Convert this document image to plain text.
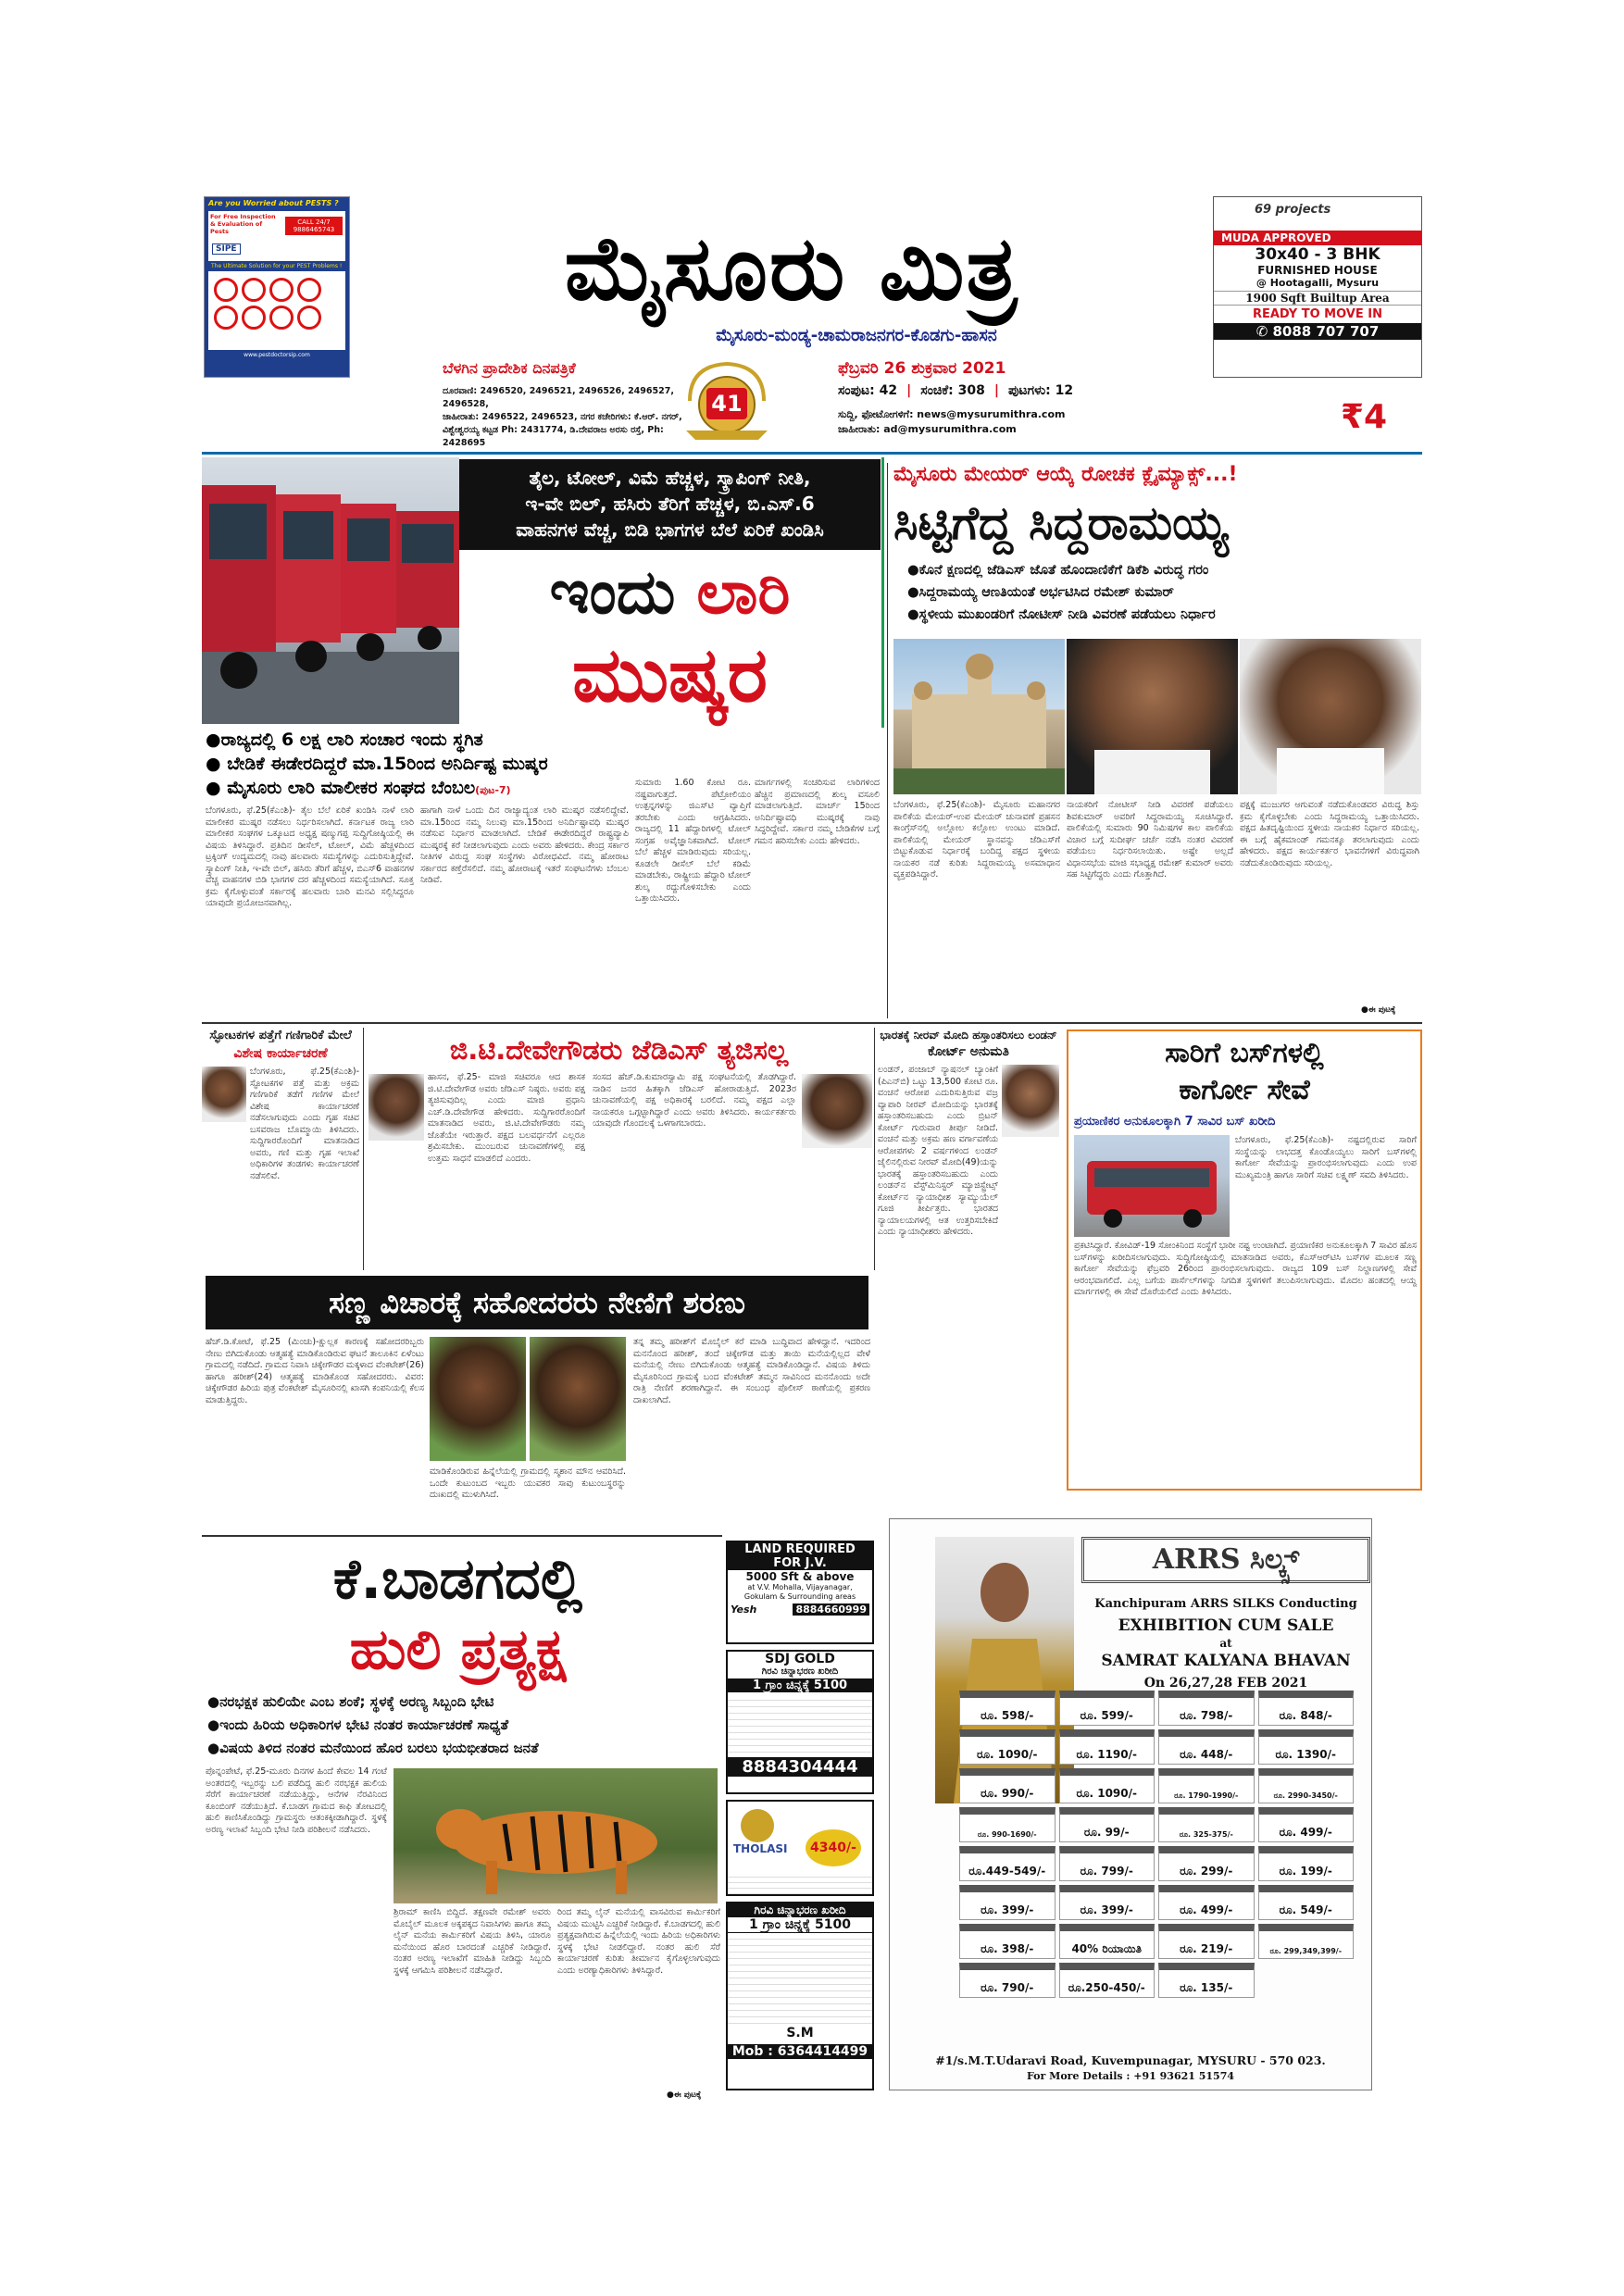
Are you Worried about PESTS ?
For Free Inspection & Evaluation of Pests
SIPE
CALL 24/7
9886465743
The Ultimate Solution for your PEST Problems !
www.pestdoctorsip.com
ಮೈಸೂರು ಮಿತ್ರ
ಮೈಸೂರು-ಮಂಡ್ಯ-ಚಾಮರಾಜನಗರ-ಕೊಡಗು-ಹಾಸನ
ಬೆಳಗಿನ ಪ್ರಾದೇಶಿಕ ದಿನಪತ್ರಿಕೆ	ಫೆಬ್ರವರಿ 26 ಶುಕ್ರವಾರ 2021
41	ಸಂಪುಟ: 42 | ಸಂಚಿಕೆ: 308 | ಪುಟಗಳು: 12
ದೂರವಾಣಿ: 2496520, 2496521, 2496526, 2496527, 2496528,
ಜಾಹೀರಾತು: 2496522, 2496523, ನಗರ ಕಚೇರಿಗಳು: ಕೆ.ಆರ್. ನಗರ್,
ವಿಶ್ವೇಶ್ವರಯ್ಯ ಕಟ್ಟಡ Ph: 2431774, ಡಿ.ದೇವರಾಜ ಅರಸು ರಸ್ತೆ, Ph: 2428695
ಸುದ್ದಿ, ಫೋಟೋಗಳಿಗೆ: news@mysurumithra.com
ಜಾಹೀರಾತು: ad@mysurumithra.com	₹4
69 projects
MUDA APPROVED
30x40 - 3 BHK
FURNISHED HOUSE
@ Hootagalli, Mysuru
1900 Sqft Builtup Area
READY TO MOVE IN
✆ 8088 707 707
ತೈಲ, ಟೋಲ್, ವಿಮೆ ಹೆಚ್ಚಳ, ಸ್ಕ್ರಾಪಿಂಗ್ ನೀತಿ,
ಇ-ವೇ ಬಿಲ್, ಹಸಿರು ತೆರಿಗೆ ಹೆಚ್ಚಳ, ಬಿ.ಎಸ್.6
ವಾಹನಗಳ ವೆಚ್ಚ, ಬಿಡಿ ಭಾಗಗಳ ಬೆಲೆ ಏರಿಕೆ ಖಂಡಿಸಿ
ಇಂದು ಲಾರಿ
ಮುಷ್ಕರ
●ರಾಜ್ಯದಲ್ಲಿ 6 ಲಕ್ಷ ಲಾರಿ ಸಂಚಾರ ಇಂದು ಸ್ಥಗಿತ
● ಬೇಡಿಕೆ ಈಡೇರದಿದ್ದರೆ ಮಾ.15ರಿಂದ ಅನಿರ್ದಿಷ್ಟ ಮುಷ್ಕರ
● ಮೈಸೂರು ಲಾರಿ ಮಾಲೀಕರ ಸಂಘದ ಬೆಂಬಲ(ಪುಟ-7)
ಬೆಂಗಳೂರು, ಫೆ.25(ಕೆಎಂಶಿ)- ತೈಲ ಬೆಲೆ ಏರಿಕೆ ಖಂಡಿಸಿ ನಾಳೆ ಲಾರಿ ಮಾಲೀಕರ ಮುಷ್ಕರ ನಡೆಸಲು ನಿರ್ಧರಿಸಲಾಗಿದೆ. ಕರ್ನಾಟಕ ರಾಜ್ಯ ಲಾರಿ ಮಾಲೀಕರ ಸಂಘಗಳ ಒಕ್ಕೂಟದ ಅಧ್ಯಕ್ಷ ಷಣ್ಮುಗಪ್ಪ ಸುದ್ದಿಗೋಷ್ಠಿಯಲ್ಲಿ ಈ ವಿಷಯ ತಿಳಿಸಿದ್ದಾರೆ. ಪ್ರತಿದಿನ ಡೀಸೆಲ್, ಟೋಲ್, ವಿಮೆ ಹೆಚ್ಚಳದಿಂದ ಟ್ರಕ್ಕಿಂಗ್ ಉದ್ಯಮದಲ್ಲಿ ನಾವು ಹಲವಾರು ಸಮಸ್ಯೆಗಳನ್ನು ಎದುರಿಸುತ್ತಿದ್ದೇವೆ. ಸ್ಕ್ರಾಪಿಂಗ್ ನೀತಿ, ಇ-ವೇ ಬಿಲ್, ಹಸಿರು ತೆರಿಗೆ ಹೆಚ್ಚಳ, ಬಿಎಸ್6 ವಾಹನಗಳ ವೆಚ್ಚ ವಾಹನಗಳ ಬಿಡಿ ಭಾಗಗಳ ದರ ಹೆಚ್ಚಳದಿಂದ ಸಮಸ್ಯೆಯಾಗಿದೆ. ಸೂಕ್ತ ಕ್ರಮ ಕೈಗೊಳ್ಳುವಂತೆ ಸರ್ಕಾರಕ್ಕೆ ಹಲವಾರು ಬಾರಿ ಮನವಿ ಸಲ್ಲಿಸಿದ್ದರೂ ಯಾವುದೇ ಪ್ರಯೋಜನವಾಗಿಲ್ಲ.
ಹಾಗಾಗಿ ನಾಳೆ ಒಂದು ದಿನ ರಾಜ್ಯಾದ್ಯಂತ ಲಾರಿ ಮುಷ್ಕರ ನಡೆಸಲಿದ್ದೇವೆ. ಮಾ.15ರಿಂದ ನಮ್ಮ ನಿಲುವು ಮಾ.15ರಿಂದ ಅನಿರ್ದಿಷ್ಟಾವಧಿ ಮುಷ್ಕರ ನಡೆಸುವ ನಿರ್ಧಾರ ಮಾಡಲಾಗಿದೆ. ಬೇಡಿಕೆ ಈಡೇರದಿದ್ದರೆ ರಾಷ್ಟ್ರವ್ಯಾಪಿ ಮುಷ್ಕರಕ್ಕೆ ಕರೆ ನೀಡಲಾಗುವುದು ಎಂದು ಅವರು ಹೇಳಿದರು. ಕೇಂದ್ರ ಸರ್ಕಾರ ನೀತಿಗಳ ವಿರುದ್ಧ ಸಂಘ ಸಂಸ್ಥೆಗಳು ವಿರೋಧವಿದೆ. ನಮ್ಮ ಹೋರಾಟ ಸರ್ಕಾರದ ಕಣ್ತೆರೆಸಲಿದೆ. ನಮ್ಮ ಹೋರಾಟಕ್ಕೆ ಇತರೆ ಸಂಘಟನೆಗಳು ಬೆಂಬಲ ನೀಡಿವೆ.
ಸುಮಾರು 1.60 ಕೋಟಿ ರೂ. ನಷ್ಟವಾಗುತ್ತದೆ. ಪೆಟ್ರೋಲಿಯಂ ಉತ್ಪನ್ನಗಳನ್ನು ಜಿಎಸ್‌ಟಿ ವ್ಯಾಪ್ತಿಗೆ ತರಬೇಕು ಎಂದು ಆಗ್ರಹಿಸಿದರು. ರಾಜ್ಯದಲ್ಲಿ 11 ಹೆದ್ದಾರಿಗಳಲ್ಲಿ ಟೋಲ್ ಸಂಗ್ರಹ ಅವೈಜ್ಞಾನಿಕವಾಗಿದೆ. ಟೋಲ್ ಬೆಲೆ ಹೆಚ್ಚಳ ಮಾಡಿರುವುದು ಸರಿಯಲ್ಲ. ಕೂಡಲೇ ಡೀಸೆಲ್ ಬೆಲೆ ಕಡಿಮೆ ಮಾಡಬೇಕು, ರಾಷ್ಟ್ರೀಯ ಹೆದ್ದಾರಿ ಟೋಲ್ ಶುಲ್ಕ ರದ್ದುಗೊಳಿಸಬೇಕು ಎಂದು ಒತ್ತಾಯಿಸಿದರು.
ಮಾರ್ಗಗಳಲ್ಲಿ ಸಂಚರಿಸುವ ಲಾರಿಗಳಿಂದ ಹೆಚ್ಚಿನ ಪ್ರಮಾಣದಲ್ಲಿ ಶುಲ್ಕ ವಸೂಲಿ ಮಾಡಲಾಗುತ್ತಿದೆ. ಮಾರ್ಚ್ 15ರಿಂದ ಅನಿರ್ದಿಷ್ಟಾವಧಿ ಮುಷ್ಕರಕ್ಕೆ ನಾವು ಸಿದ್ಧರಿದ್ದೇವೆ. ಸರ್ಕಾರ ನಮ್ಮ ಬೇಡಿಕೆಗಳ ಬಗ್ಗೆ ಗಮನ ಹರಿಸಬೇಕು ಎಂದು ಹೇಳಿದರು.
ಮೈಸೂರು ಮೇಯರ್ ಆಯ್ಕೆ ರೋಚಕ ಕ್ಲೈಮ್ಯಾಕ್ಸ್...!
ಸಿಟ್ಟಿಗೆದ್ದ ಸಿದ್ದರಾಮಯ್ಯ
●ಕೊನೆ ಕ್ಷಣದಲ್ಲಿ ಜೆಡಿಎಸ್ ಜೊತೆ ಹೊಂದಾಣಿಕೆಗೆ ಡಿಕೆಶಿ ವಿರುದ್ಧ ಗರಂ
●ಸಿದ್ದರಾಮಯ್ಯ ಆಣತಿಯಂತೆ ಅರ್ಭಟಿಸಿದ ರಮೇಶ್ ಕುಮಾರ್
●ಸ್ಥಳೀಯ ಮುಖಂಡರಿಗೆ ನೋಟೀಸ್ ನೀಡಿ ವಿವರಣೆ ಪಡೆಯಲು ನಿರ್ಧಾರ
ಬೆಂಗಳೂರು, ಫೆ.25(ಕೆಎಂಶಿ)- ಮೈಸೂರು ಮಹಾನಗರ ಪಾಲಿಕೆಯ ಮೇಯರ್-ಉಪ ಮೇಯರ್ ಚುನಾವಣೆ ಪ್ರಹಸನ ಕಾಂಗ್ರೆಸ್‌ನಲ್ಲಿ ಅಲ್ಲೋಲ ಕಲ್ಲೋಲ ಉಂಟು ಮಾಡಿದೆ. ಪಾಲಿಕೆಯಲ್ಲಿ ಮೇಯರ್ ಸ್ಥಾನವನ್ನು ಜೆಡಿಎಸ್‌ಗೆ ಬಿಟ್ಟುಕೊಡುವ ನಿರ್ಧಾರಕ್ಕೆ ಬಂದಿದ್ದ ಪಕ್ಷದ ಸ್ಥಳೀಯ ನಾಯಕರ ನಡೆ ಕುರಿತು ಸಿದ್ದರಾಮಯ್ಯ ಅಸಮಾಧಾನ ವ್ಯಕ್ತಪಡಿಸಿದ್ದಾರೆ.
ನಾಯಕರಿಗೆ ನೋಟೀಸ್ ನೀಡಿ ವಿವರಣೆ ಪಡೆಯಲು ಶಿವಕುಮಾರ್ ಅವರಿಗೆ ಸಿದ್ದರಾಮಯ್ಯ ಸೂಚಿಸಿದ್ದಾರೆ. ಪಾಲಿಕೆಯಲ್ಲಿ ಸುಮಾರು 90 ನಿಮಿಷಗಳ ಕಾಲ ಪಾಲಿಕೆಯ ವಿಚಾರ ಬಗ್ಗೆ ಸುದೀರ್ಘ ಚರ್ಚೆ ನಡೆಸಿ ನಂತರ ವಿವರಣೆ ಪಡೆಯಲು ನಿರ್ಧರಿಸಲಾಯಿತು. ಅಷ್ಟೇ ಅಲ್ಲದೆ ವಿಧಾನಸಭೆಯ ಮಾಜಿ ಸಭಾಧ್ಯಕ್ಷ ರಮೇಶ್ ಕುಮಾರ್ ಅವರು ಸಹ ಸಿಟ್ಟಿಗೆದ್ದರು ಎಂದು ಗೊತ್ತಾಗಿದೆ.
ಪಕ್ಷಕ್ಕೆ ಮುಜುಗರ ಆಗುವಂತೆ ನಡೆದುಕೊಂಡವರ ವಿರುದ್ಧ ಶಿಸ್ತು ಕ್ರಮ ಕೈಗೊಳ್ಳಬೇಕು ಎಂದು ಸಿದ್ದರಾಮಯ್ಯ ಒತ್ತಾಯಿಸಿದರು. ಪಕ್ಷದ ಹಿತದೃಷ್ಟಿಯಿಂದ ಸ್ಥಳೀಯ ನಾಯಕರ ನಿರ್ಧಾರ ಸರಿಯಲ್ಲ. ಈ ಬಗ್ಗೆ ಹೈಕಮಾಂಡ್ ಗಮನಕ್ಕೂ ತರಲಾಗುವುದು ಎಂದು ಹೇಳಿದರು. ಪಕ್ಷದ ಕಾರ್ಯಕರ್ತರ ಭಾವನೆಗಳಿಗೆ ವಿರುದ್ಧವಾಗಿ ನಡೆದುಕೊಂಡಿರುವುದು ಸರಿಯಲ್ಲ.
●ಈ ಪುಟಕ್ಕೆ
ಸ್ಫೋಟಕಗಳ ಪತ್ತೆಗೆ ಗಣಿಗಾರಿಕೆ ಮೇಲೆ
ವಿಶೇಷ ಕಾರ್ಯಾಚರಣೆ
ಬೆಂಗಳೂರು, ಫೆ.25(ಕೆಎಂಶಿ)- ಸ್ಫೋಟಕಗಳ ಪತ್ತೆ ಮತ್ತು ಅಕ್ರಮ ಗಣಿಗಾರಿಕೆ ತಡೆಗೆ ಗಣಿಗಳ ಮೇಲೆ ವಿಶೇಷ ಕಾರ್ಯಾಚರಣೆ ನಡೆಸಲಾಗುವುದು ಎಂದು ಗೃಹ ಸಚಿವ ಬಸವರಾಜ ಬೊಮ್ಮಾಯಿ ತಿಳಿಸಿದರು. ಸುದ್ದಿಗಾರರೊಂದಿಗೆ ಮಾತನಾಡಿದ ಅವರು, ಗಣಿ ಮತ್ತು ಗೃಹ ಇಲಾಖೆ ಅಧಿಕಾರಿಗಳ ತಂಡಗಳು ಕಾರ್ಯಾಚರಣೆ ನಡೆಸಲಿವೆ.
ಜಿ.ಟಿ.ದೇವೇಗೌಡರು ಜೆಡಿಎಸ್ ತ್ಯಜಿಸಲ್ಲ
ಹಾಸನ, ಫೆ.25- ಮಾಜಿ ಸಚಿವರೂ ಆದ ಶಾಸಕ ಜಿ.ಟಿ.ದೇವೇಗೌಡ ಅವರು ಜೆಡಿಎಸ್ ನಿಷ್ಠರು. ಅವರು ಪಕ್ಷ ತ್ಯಜಿಸುವುದಿಲ್ಲ ಎಂದು ಮಾಜಿ ಪ್ರಧಾನಿ ಎಚ್.ಡಿ.ದೇವೇಗೌಡ ಹೇಳಿದರು. ಸುದ್ದಿಗಾರರೊಂದಿಗೆ ಮಾತನಾಡಿದ ಅವರು, ಜಿ.ಟಿ.ದೇವೇಗೌಡರು ನಮ್ಮ ಜೊತೆಯೇ ಇರುತ್ತಾರೆ. ಪಕ್ಷದ ಬಲವರ್ಧನೆಗೆ ಎಲ್ಲರೂ ಶ್ರಮಿಸಬೇಕು. ಮುಂಬರುವ ಚುನಾವಣೆಗಳಲ್ಲಿ ಪಕ್ಷ ಉತ್ತಮ ಸಾಧನೆ ಮಾಡಲಿದೆ ಎಂದರು.
ಸಂಸದ ಹೆಚ್.ಡಿ.ಕುಮಾರಸ್ವಾಮಿ ಪಕ್ಷ ಸಂಘಟನೆಯಲ್ಲಿ ತೊಡಗಿದ್ದಾರೆ. ನಾಡಿನ ಜನರ ಹಿತಕ್ಕಾಗಿ ಜೆಡಿಎಸ್ ಹೋರಾಡುತ್ತಿದೆ. 2023ರ ಚುನಾವಣೆಯಲ್ಲಿ ಪಕ್ಷ ಅಧಿಕಾರಕ್ಕೆ ಬರಲಿದೆ. ನಮ್ಮ ಪಕ್ಷದ ಎಲ್ಲಾ ನಾಯಕರೂ ಒಗ್ಗಟ್ಟಾಗಿದ್ದಾರೆ ಎಂದು ಅವರು ತಿಳಿಸಿದರು. ಕಾರ್ಯಕರ್ತರು ಯಾವುದೇ ಗೊಂದಲಕ್ಕೆ ಒಳಗಾಗಬಾರದು.
ಭಾರತಕ್ಕೆ ನೀರವ್ ಮೋದಿ ಹಸ್ತಾಂತರಿಸಲು ಲಂಡನ್
ಕೋರ್ಟ್ ಅನುಮತಿ
ಲಂಡನ್, ಪಂಜಾಬ್ ನ್ಯಾಷನಲ್ ಬ್ಯಾಂಕಿಗೆ (ಪಿಎನ್‌ಬಿ) ಒಟ್ಟು 13,500 ಕೋಟಿ ರೂ. ವಂಚನೆ ಆರೋಪ ಎದುರಿಸುತ್ತಿರುವ ವಜ್ರ ವ್ಯಾಪಾರಿ ನೀರವ್ ಮೋದಿಯನ್ನು ಭಾರತಕ್ಕೆ ಹಸ್ತಾಂತರಿಸಬಹುದು ಎಂದು ಬ್ರಿಟನ್ ಕೋರ್ಟ್ ಗುರುವಾರ ತೀರ್ಪು ನೀಡಿದೆ. ವಂಚನೆ ಮತ್ತು ಅಕ್ರಮ ಹಣ ವರ್ಗಾವಣೆಯ ಆರೋಪಗಳು 2 ವರ್ಷಗಳಿಂದ ಲಂಡನ್ ಜೈಲಿನಲ್ಲಿರುವ ನೀರವ್ ಮೋದಿ(49)ಯನ್ನು ಭಾರತಕ್ಕೆ ಹಸ್ತಾಂತರಿಸಬಹುದು ಎಂದು ಲಂಡನ್‌ನ ವೆಸ್ಟ್‌ಮಿನಿಸ್ಟರ್ ಮ್ಯಾಜಿಸ್ಟ್ರೇಟ್ಸ್ ಕೋರ್ಟ್‌ನ ನ್ಯಾಯಾಧೀಶ ಸ್ಯಾಮ್ಯುಯೆಲ್ ಗೂಜಿ ತೀರ್ಪಿತ್ತರು. ಭಾರತದ ನ್ಯಾಯಾಲಯಗಳಲ್ಲಿ ಆತ ಉತ್ತರಿಸಬೇಕಿದೆ ಎಂದು ನ್ಯಾಯಾಧೀಶರು ಹೇಳಿದರು.
ಸಾರಿಗೆ ಬಸ್‌ಗಳಲ್ಲಿ
ಕಾರ್ಗೋ ಸೇವೆ
ಪ್ರಯಾಣಿಕರ ಅನುಕೂಲಕ್ಕಾಗಿ 7 ಸಾವಿರ ಬಸ್ ಖರೀದಿ
ಬೆಂಗಳೂರು, ಫೆ.25(ಕೆಎಂಶಿ)- ನಷ್ಟದಲ್ಲಿರುವ ಸಾರಿಗೆ ಸಂಸ್ಥೆಯನ್ನು ಲಾಭದತ್ತ ಕೊಂಡೊಯ್ಯಲು ಸಾರಿಗೆ ಬಸ್‌ಗಳಲ್ಲಿ ಕಾರ್ಗೋ ಸೇವೆಯನ್ನು ಪ್ರಾರಂಭಿಸಲಾಗುವುದು ಎಂದು ಉಪ ಮುಖ್ಯಮಂತ್ರಿ ಹಾಗೂ ಸಾರಿಗೆ ಸಚಿವ ಲಕ್ಷ್ಮಣ್ ಸವದಿ ತಿಳಿಸಿದರು.
ಪ್ರಕಟಿಸಿದ್ದಾರೆ. ಕೋವಿಡ್-19 ಸೋಂಕಿನಿಂದ ಸಂಸ್ಥೆಗೆ ಭಾರೀ ನಷ್ಟ ಉಂಟಾಗಿದೆ. ಪ್ರಯಾಣಿಕರ ಅನುಕೂಲಕ್ಕಾಗಿ 7 ಸಾವಿರ ಹೊಸ ಬಸ್‌ಗಳನ್ನು ಖರೀದಿಸಲಾಗುವುದು. ಸುದ್ದಿಗೋಷ್ಠಿಯಲ್ಲಿ ಮಾತನಾಡಿದ ಅವರು, ಕೆಎಸ್‌ಆರ್‌ಟಿಸಿ ಬಸ್‌ಗಳ ಮೂಲಕ ಸಣ್ಣ ಕಾರ್ಗೋ ಸೇವೆಯನ್ನು ಫೆಬ್ರವರಿ 26ರಿಂದ ಪ್ರಾರಂಭಿಸಲಾಗುವುದು. ರಾಜ್ಯದ 109 ಬಸ್ ನಿಲ್ದಾಣಗಳಲ್ಲಿ ಸೇವೆ ಆರಂಭವಾಗಲಿದೆ. ಎಲ್ಲ ಬಗೆಯ ಪಾರ್ಸೆಲ್‌ಗಳನ್ನು ನಿಗದಿತ ಸ್ಥಳಗಳಿಗೆ ತಲುಪಿಸಲಾಗುವುದು. ಮೊದಲ ಹಂತದಲ್ಲಿ ಆಯ್ದ ಮಾರ್ಗಗಳಲ್ಲಿ ಈ ಸೇವೆ ದೊರೆಯಲಿದೆ ಎಂದು ತಿಳಿಸಿದರು.
ಸಣ್ಣ ವಿಚಾರಕ್ಕೆ ಸಹೋದರರು ನೇಣಿಗೆ ಶರಣು
ಹೆಚ್.ಡಿ.ಕೋಟೆ, ಫೆ.25 (ಮಿಂಚು)-ಕ್ಷುಲ್ಲಕ ಕಾರಣಕ್ಕೆ ಸಹೋದರರಿಬ್ಬರು ನೇಣು ಬಿಗಿದುಕೊಂಡು ಆತ್ಮಹತ್ಯೆ ಮಾಡಿಕೊಂಡಿರುವ ಘಟನೆ ತಾಲೂಕಿನ ಏಳೆಂಟು ಗ್ರಾಮದಲ್ಲಿ ನಡೆದಿದೆ. ಗ್ರಾಮದ ನಿವಾಸಿ ಚಿಕ್ಕೇಗೌಡರ ಮಕ್ಕಳಾದ ವೆಂಕಟೇಶ್(26) ಹಾಗೂ ಹರೀಶ್(24) ಆತ್ಮಹತ್ಯೆ ಮಾಡಿಕೊಂಡ ಸಹೋದರರು. ವಿವರ: ಚಿಕ್ಕೇಗೌಡರ ಹಿರಿಯ ಪುತ್ರ ವೆಂಕಟೇಶ್ ಮೈಸೂರಿನಲ್ಲಿ ಖಾಸಗಿ ಕಂಪನಿಯಲ್ಲಿ ಕೆಲಸ ಮಾಡುತ್ತಿದ್ದರು.
ಮಾಡಿಕೊಂಡಿರುವ ಹಿನ್ನೆಲೆಯಲ್ಲಿ ಗ್ರಾಮದಲ್ಲಿ ಸ್ಮಶಾನ ಮೌನ ಆವರಿಸಿದೆ. ಒಂದೇ ಕುಟುಂಬದ ಇಬ್ಬರು ಯುವಕರ ಸಾವು ಕುಟುಂಬಸ್ಥರನ್ನು ದುಃಖದಲ್ಲಿ ಮುಳುಗಿಸಿದೆ.
ತನ್ನ ತಮ್ಮ ಹರೀಶ್‌ಗೆ ಮೊಬೈಲ್ ಕರೆ ಮಾಡಿ ಬುದ್ಧಿವಾದ ಹೇಳಿದ್ದಾನೆ. ಇದರಿಂದ ಮನನೊಂದ ಹರೀಶ್, ತಂದೆ ಚಿಕ್ಕೇಗೌಡ ಮತ್ತು ತಾಯಿ ಮನೆಯಲ್ಲಿಲ್ಲದ ವೇಳೆ ಮನೆಯಲ್ಲಿ ನೇಣು ಬಿಗಿದುಕೊಂಡು ಆತ್ಮಹತ್ಯೆ ಮಾಡಿಕೊಂಡಿದ್ದಾನೆ. ವಿಷಯ ತಿಳಿದು ಮೈಸೂರಿನಿಂದ ಗ್ರಾಮಕ್ಕೆ ಬಂದ ವೆಂಕಟೇಶ್ ತಮ್ಮನ ಸಾವಿನಿಂದ ಮನನೊಂದು ಅದೇ ರಾತ್ರಿ ನೇಣಿಗೆ ಶರಣಾಗಿದ್ದಾನೆ. ಈ ಸಂಬಂಧ ಪೊಲೀಸ್ ಠಾಣೆಯಲ್ಲಿ ಪ್ರಕರಣ ದಾಖಲಾಗಿದೆ.
ಕೆ.ಬಾಡಗದಲ್ಲಿ
ಹುಲಿ ಪ್ರತ್ಯಕ್ಷ
●ನರಭಕ್ಷಕ ಹುಲಿಯೇ ಎಂಬ ಶಂಕೆ; ಸ್ಥಳಕ್ಕೆ ಅರಣ್ಯ ಸಿಬ್ಬಂದಿ ಭೇಟಿ
●ಇಂದು ಹಿರಿಯ ಅಧಿಕಾರಿಗಳ ಭೇಟಿ ನಂತರ ಕಾರ್ಯಾಚರಣೆ ಸಾಧ್ಯತೆ
●ವಿಷಯ ತಿಳಿದ ನಂತರ ಮನೆಯಿಂದ ಹೊರ ಬರಲು ಭಯಭೀತರಾದ ಜನತೆ
ಪೊನ್ನಂಪೇಟೆ, ಫೆ.25-ಮೂರು ದಿನಗಳ ಹಿಂದೆ ಕೇವಲ 14 ಗಂಟೆ ಅಂತರದಲ್ಲಿ ಇಬ್ಬರನ್ನು ಬಲಿ ಪಡೆದಿದ್ದ ಹುಲಿ ನರಭಕ್ಷಕ ಹುಲಿಯ ಸೆರೆಗೆ ಕಾರ್ಯಾಚರಣೆ ನಡೆಯುತ್ತಿದ್ದು, ಆನೆಗಳ ನೆರವಿನಿಂದ ಕೂಂಬಿಂಗ್ ನಡೆಯುತ್ತಿದೆ. ಕೆ.ಬಾಡಗ ಗ್ರಾಮದ ಕಾಫಿ ತೋಟದಲ್ಲಿ ಹುಲಿ ಕಾಣಿಸಿಕೊಂಡಿದ್ದು ಗ್ರಾಮಸ್ಥರು ಆತಂಕಕ್ಕೀಡಾಗಿದ್ದಾರೆ. ಸ್ಥಳಕ್ಕೆ ಅರಣ್ಯ ಇಲಾಖೆ ಸಿಬ್ಬಂದಿ ಭೇಟಿ ನೀಡಿ ಪರಿಶೀಲನೆ ನಡೆಸಿದರು.
ಶ್ರಿರಾಮ್ ಕಾಣಿಸಿ ಬಿದ್ದಿದೆ. ತಕ್ಷಣವೇ ರಮೇಶ್ ಅವರು ಮೊಬೈಲ್ ಮೂಲಕ ಅಕ್ಕಪಕ್ಕದ ನಿವಾಸಿಗಳು ಹಾಗೂ ತಮ್ಮ ಲೈನ್ ಮನೆಯ ಕಾರ್ಮಿಕರಿಗೆ ವಿಷಯ ತಿಳಿಸಿ, ಯಾರೂ ಮನೆಯಿಂದ ಹೊರ ಬಾರದಂತೆ ಎಚ್ಚರಿಕೆ ನೀಡಿದ್ದಾರೆ. ನಂತರ ಅರಣ್ಯ ಇಲಾಖೆಗೆ ಮಾಹಿತಿ ನೀಡಿದ್ದು ಸಿಬ್ಬಂದಿ ಸ್ಥಳಕ್ಕೆ ಆಗಮಿಸಿ ಪರಿಶೀಲನೆ ನಡೆಸಿದ್ದಾರೆ.
ರಿಂದ ತಮ್ಮ ಲೈನ್ ಮನೆಯಲ್ಲಿ ವಾಸವಿರುವ ಕಾರ್ಮಿಕರಿಗೆ ವಿಷಯ ಮುಟ್ಟಿಸಿ ಎಚ್ಚರಿಕೆ ನೀಡಿದ್ದಾರೆ. ಕೆ.ಬಾಡಗದಲ್ಲಿ ಹುಲಿ ಪ್ರತ್ಯಕ್ಷವಾಗಿರುವ ಹಿನ್ನೆಲೆಯಲ್ಲಿ ಇಂದು ಹಿರಿಯ ಅಧಿಕಾರಿಗಳು ಸ್ಥಳಕ್ಕೆ ಭೇಟಿ ನೀಡಲಿದ್ದಾರೆ. ನಂತರ ಹುಲಿ ಸೆರೆ ಕಾರ್ಯಾಚರಣೆ ಕುರಿತು ತೀರ್ಮಾನ ಕೈಗೊಳ್ಳಲಾಗುವುದು ಎಂದು ಅರಣ್ಯಾಧಿಕಾರಿಗಳು ತಿಳಿಸಿದ್ದಾರೆ.
●ಈ ಪುಟಕ್ಕೆ
LAND REQUIRED
FOR J.V.
5000 Sft & above
at V.V. Mohalla, Vijayanagar, Gokulam & Surrounding areas
Yesh	8884660999
SDJ GOLD
ಗಿರವಿ ಚಿನ್ನಾಭರಣ ಖರೀದಿ
1 ಗ್ರಾಂ ಚಿನ್ನಕ್ಕೆ 5100
8884304444
THOLASI	4340/-
ಗಿರವಿ ಚಿನ್ನಾಭರಣ ಖರೀದಿ
1 ಗ್ರಾಂ ಚಿನ್ನಕ್ಕೆ 5100
S.M
Mob : 6364414499
ARRS ಸಿಲ್ಕ್ಸ್
Kanchipuram ARRS SILKS Conducting
EXHIBITION CUM SALE
at
SAMRAT KALYANA BHAVAN
On 26,27,28 FEB 2021
ರೂ. 598/-	ರೂ. 599/-	ರೂ. 798/-	ರೂ. 848/-
ರೂ. 1090/-	ರೂ. 1190/-	ರೂ. 448/-	ರೂ. 1390/-
ರೂ. 990/-	ರೂ. 1090/-	ರೂ. 1790-1990/-	ರೂ. 2990-3450/-
ರೂ. 990-1690/-	ರೂ. 99/-	ರೂ. 325-375/-	ರೂ. 499/-
ರೂ.449-549/-	ರೂ. 799/-	ರೂ. 299/-	ರೂ. 199/-
ರೂ. 399/-	ರೂ. 399/-	ರೂ. 499/-	ರೂ. 549/-
ರೂ. 398/-	40% ರಿಯಾಯಿತಿ	ರೂ. 219/-	ರೂ. 299,349,399/-
ರೂ. 790/-	ರೂ.250-450/-	ರೂ. 135/-
#1/s.M.T.Udaravi Road, Kuvempunagar, MYSURU - 570 023.
For More Details : +91 93621 51574
